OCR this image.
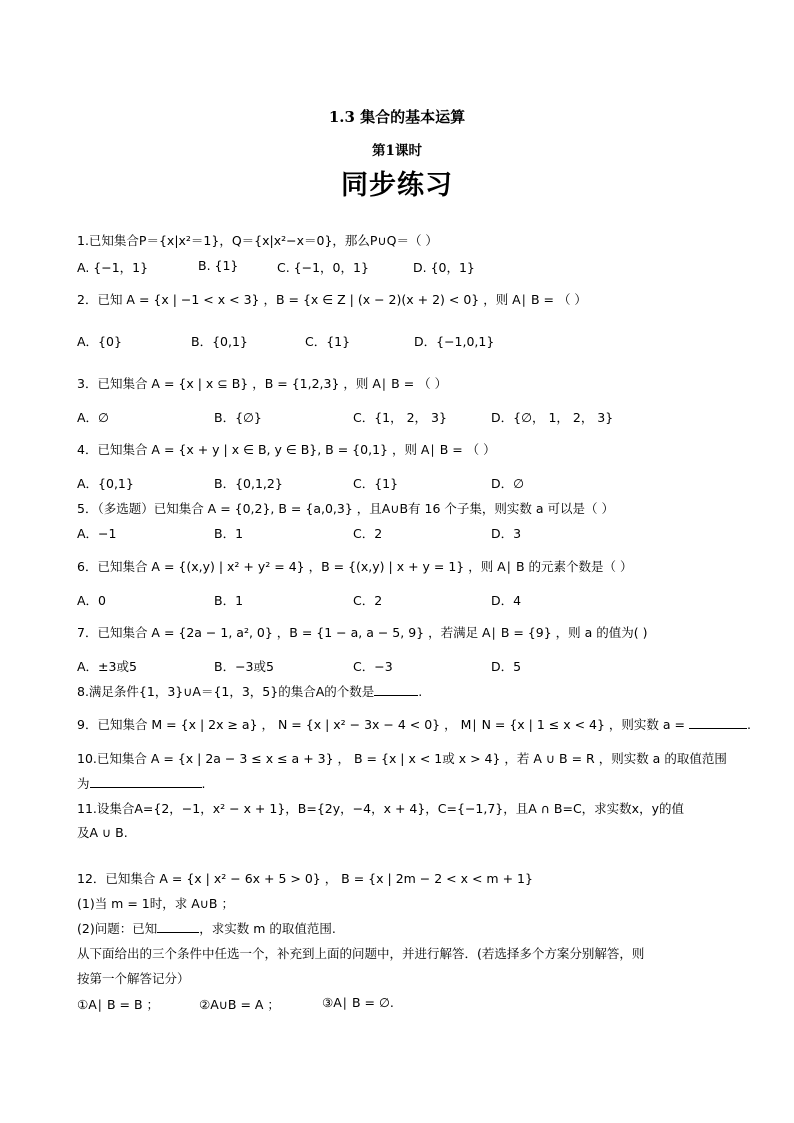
1.3 集合的基本运算
第1课时
同步练习
1.已知集合P＝{x|x²＝1}，Q＝{x|x²−x＝0}，那么P∪Q＝（ ）
A. {−1，1}	B. {1}	C. {−1，0，1}	D. {0，1}
2．已知 A = {x | −1 < x < 3} ，B = {x ∈ Z | (x − 2)(x + 2) < 0} ，则 A∣ B = （ ）
A．{0}	B．{0,1}	C．{1}	D．{−1,0,1}
3．已知集合 A = {x | x ⊆ B} ，B = {1,2,3} ，则 A∣ B = （ ）
A．∅	B．{∅}	C．{1， 2， 3}	D．{∅， 1， 2， 3}
4．已知集合 A = {x + y | x ∈ B, y ∈ B}, B = {0,1} ，则 A∣ B = （ ）
A．{0,1}	B．{0,1,2}	C．{1}	D．∅
5．（多选题）已知集合 A = {0,2}, B = {a,0,3} ，且A∪B有 16 个子集，则实数 a 可以是（ ）
A．−1	B．1	C．2	D．3
6．已知集合 A = {(x,y) | x² + y² = 4} ，B = {(x,y) | x + y = 1} ，则 A∣ B 的元素个数是（ ）
A．0	B．1	C．2	D．4
7．已知集合 A = {2a − 1, a², 0} ，B = {1 − a, a − 5, 9} ，若满足 A∣ B = {9} ，则 a 的值为( )
A．±3或5	B．−3或5	C．−3	D．5
8.满足条件{1，3}∪A＝{1，3，5}的集合A的个数是	.
9．已知集合 M = {x | 2x ≥ a} ， N = {x | x² − 3x − 4 < 0} ， M∣ N = {x | 1 ≤ x < 4} ，则实数 a =	.
10.已知集合 A = {x | 2a − 3 ≤ x ≤ a + 3} ， B = {x | x < 1或 x > 4} ，若 A ∪ B = R ，则实数 a 的取值范围
为	.
11.设集合A={2，−1，x² − x + 1}，B={2y，−4，x + 4}，C={−1,7}，且A ∩ B=C，求实数x，y的值
及A ∪ B.
12．已知集合 A = {x | x² − 6x + 5 > 0} ， B = {x | 2m − 2 < x < m + 1}
(1)当 m = 1时，求 A∪B ；
(2)问题：已知	，求实数 m 的取值范围.
从下面给出的三个条件中任选一个，补充到上面的问题中，并进行解答．(若选择多个方案分别解答，则
按第一个解答记分）
①A∣ B = B ；	②A∪B = A ；	③A∣ B = ∅.
